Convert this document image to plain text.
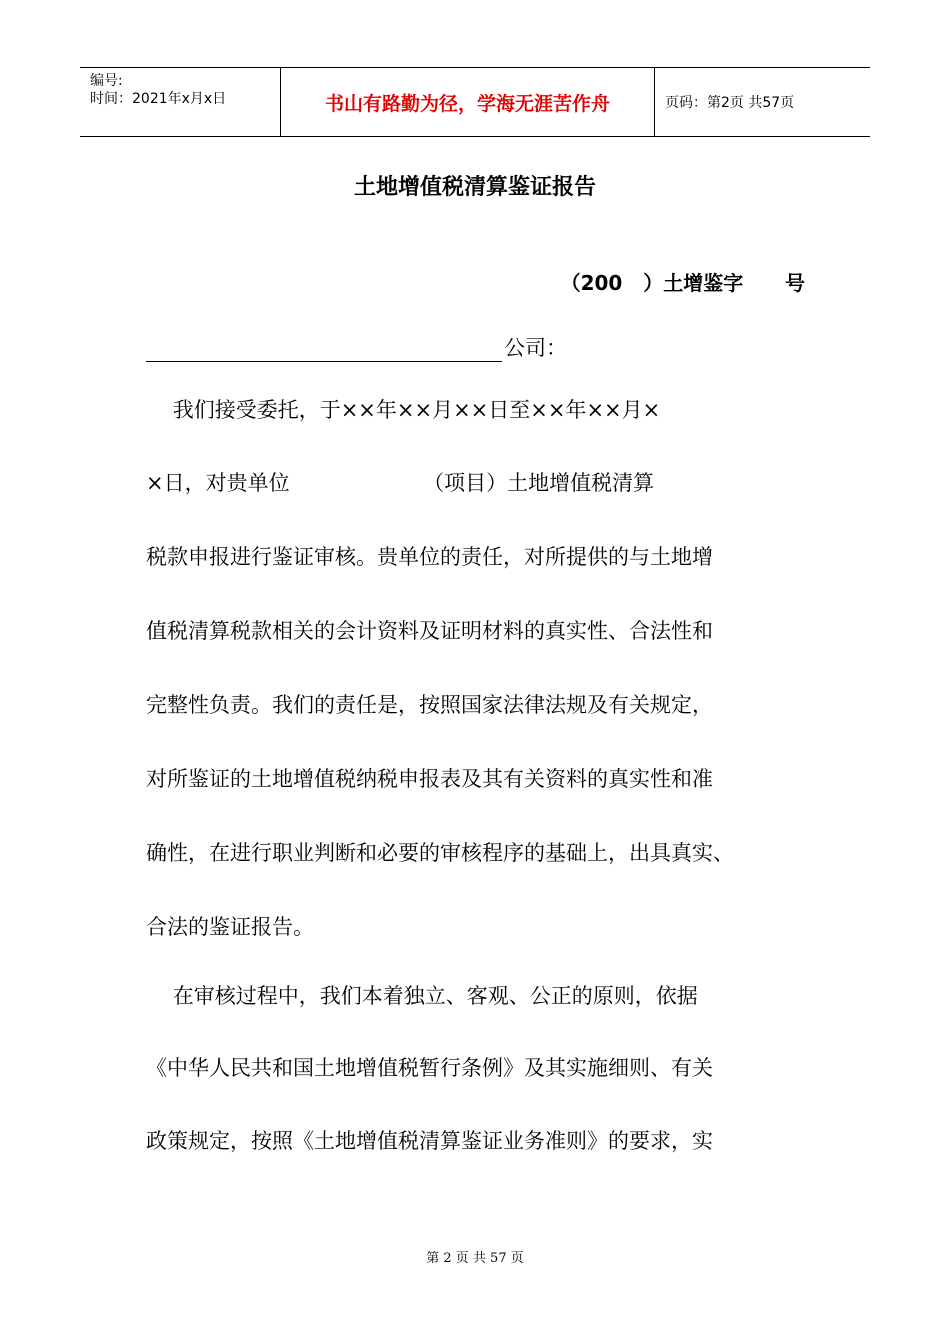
编号:
时间：2021年x月x日	书山有路勤为径，学海无涯苦作舟	页码：第2页 共57页
土地增值税清算鉴证报告
（200   ）土增鉴字      号
公司：
我们接受委托，于××年××月××日至××年××月×
×日，对贵单位                    （项目）土地增值税清算
税款申报进行鉴证审核。贵单位的责任，对所提供的与土地增
值税清算税款相关的会计资料及证明材料的真实性、合法性和
完整性负责。我们的责任是，按照国家法律法规及有关规定，
对所鉴证的土地增值税纳税申报表及其有关资料的真实性和准
确性，在进行职业判断和必要的审核程序的基础上，出具真实、
合法的鉴证报告。
在审核过程中，我们本着独立、客观、公正的原则，依据
《中华人民共和国土地增值税暂行条例》及其实施细则、有关
政策规定，按照《土地增值税清算鉴证业务准则》的要求，实
第 2 页 共 57 页
